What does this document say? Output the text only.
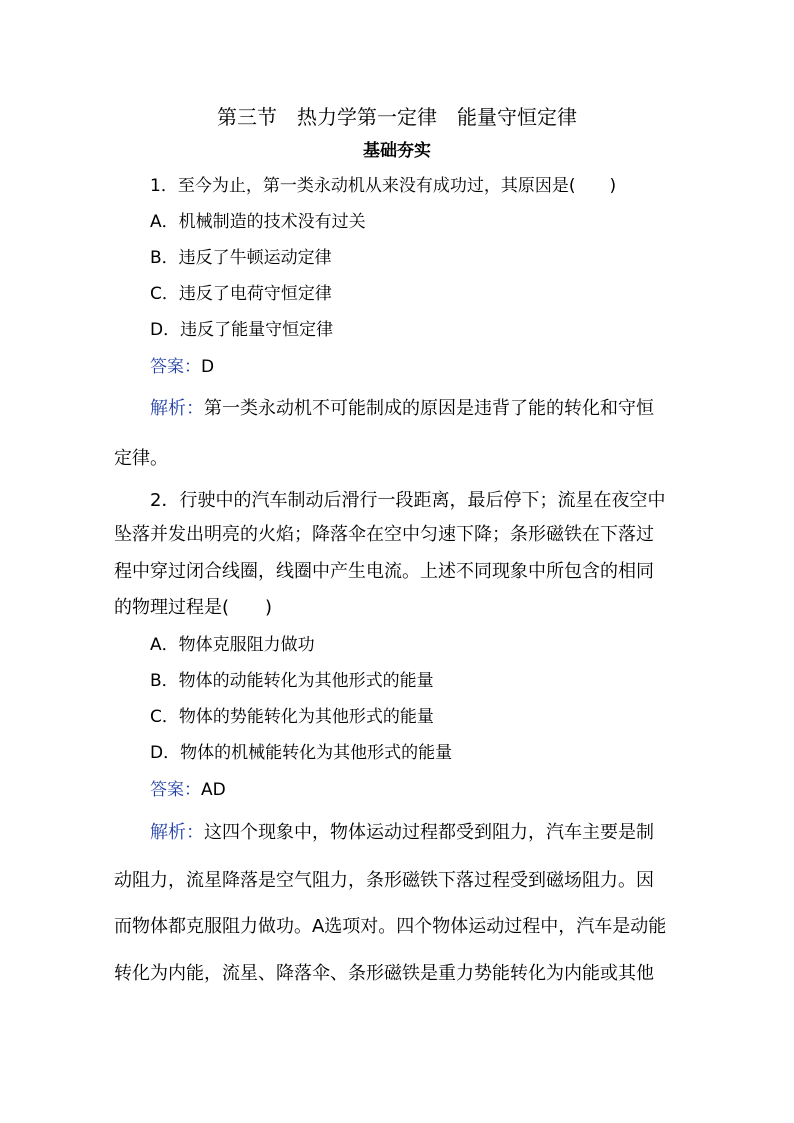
第三节　热力学第一定律　能量守恒定律
基础夯实
1．至今为止，第一类永动机从来没有成功过，其原因是(　　)
A．机械制造的技术没有过关
B．违反了牛顿运动定律
C．违反了电荷守恒定律
D．违反了能量守恒定律
答案：D
解析：第一类永动机不可能制成的原因是违背了能的转化和守恒
定律。
2．行驶中的汽车制动后滑行一段距离，最后停下；流星在夜空中
坠落并发出明亮的火焰；降落伞在空中匀速下降；条形磁铁在下落过
程中穿过闭合线圈，线圈中产生电流。上述不同现象中所包含的相同
的物理过程是(　　)
A．物体克服阻力做功
B．物体的动能转化为其他形式的能量
C．物体的势能转化为其他形式的能量
D．物体的机械能转化为其他形式的能量
答案：AD
解析：这四个现象中，物体运动过程都受到阻力，汽车主要是制
动阻力，流星降落是空气阻力，条形磁铁下落过程受到磁场阻力。因
而物体都克服阻力做功。A选项对。四个物体运动过程中，汽车是动能
转化为内能，流星、降落伞、条形磁铁是重力势能转化为内能或其他
